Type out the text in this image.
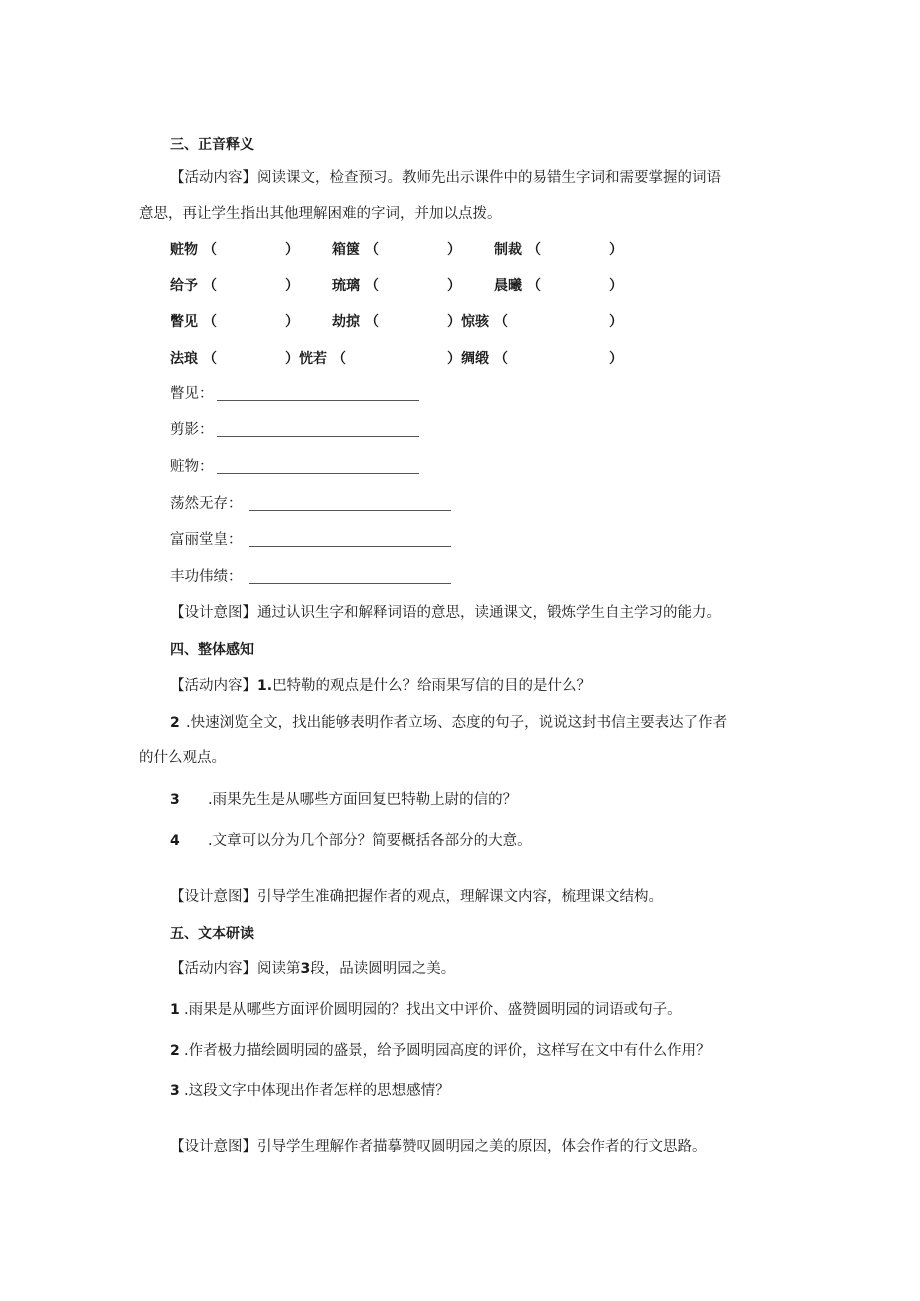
三、正音释义
【活动内容】阅读课文，检查预习。教师先出示课件中的易错生字词和需要掌握的词语
意思，再让学生指出其他理解困难的字词，并加以点拨。
赃物 （	） 箱箧 （	） 制裁 （	）
给予 （	） 琉璃 （	） 晨曦 （	）
瞥见 （	） 劫掠 （	） 惊骇 （	）
法琅 （	） 恍若 （	） 绸缎 （	）
瞥见：
剪影：
赃物：
荡然无存：
富丽堂皇：
丰功伟绩：
【设计意图】通过认识生字和解释词语的意思，读通课文，锻炼学生自主学习的能力。
四、整体感知
【活动内容】1.巴特勒的观点是什么？给雨果写信的目的是什么？
2 .快速浏览全文，找出能够表明作者立场、态度的句子，说说这封书信主要表达了作者
的什么观点。
3 .雨果先生是从哪些方面回复巴特勒上尉的信的？
4 .文章可以分为几个部分？简要概括各部分的大意。
【设计意图】引导学生准确把握作者的观点，理解课文内容，梳理课文结构。
五、文本研读
【活动内容】阅读第3段，品读圆明园之美。
1 .雨果是从哪些方面评价圆明园的？找出文中评价、盛赞圆明园的词语或句子。
2 .作者极力描绘圆明园的盛景，给予圆明园高度的评价，这样写在文中有什么作用？
3 .这段文字中体现出作者怎样的思想感情？
【设计意图】引导学生理解作者描摹赞叹圆明园之美的原因，体会作者的行文思路。
